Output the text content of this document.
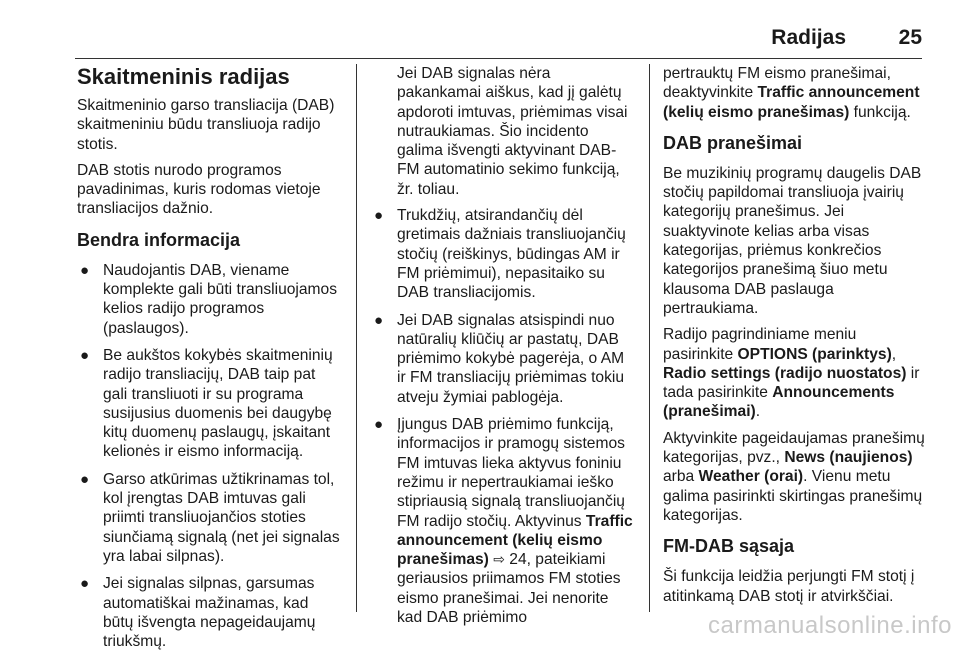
Radijas	25
Skaitmeninis radijas

Skaitmeninio garso transliacija (DAB) skaitmeniniu būdu transliuoja radijo stotis.

DAB stotis nurodo programos pavadinimas, kuris rodomas vietoje transliacijos dažnio.

Bendra informacija
● Naudojantis DAB, viename komplekte gali būti transliuojamos kelios radijo programos (paslaugos).
● Be aukštos kokybės skaitmeninių radijo transliacijų, DAB taip pat gali transliuoti ir su programa susijusius duomenis bei daugybę kitų duomenų paslaugų, įskaitant kelionės ir eismo informaciją.
● Garso atkūrimas užtikrinamas tol, kol įrengtas DAB imtuvas gali priimti transliuojančios stoties siunčiamą signalą (net jei signalas yra labai silpnas).
● Jei signalas silpnas, garsumas automatiškai mažinamas, kad būtų išvengta nepageidaujamų triukšmų.

Jei DAB signalas nėra pakankamai aiškus, kad jį galėtų apdoroti imtuvas, priėmimas visai nutraukiamas. Šio incidento galima išvengti aktyvinant DAB-FM automatinio sekimo funkciją, žr. toliau.

● Trukdžių, atsirandančių dėl gretimais dažniais transliuojančių stočių (reiškinys, būdingas AM ir FM priėmimui), nepasitaiko su DAB transliacijomis.
● Jei DAB signalas atsispindi nuo natūralių kliūčių ar pastatų, DAB priėmimo kokybė pagerėja, o AM ir FM transliacijų priėmimas tokiu atveju žymiai pablogėja.
● Įjungus DAB priėmimo funkciją, informacijos ir pramogų sistemos FM imtuvas lieka aktyvus foniniu režimu ir nepertraukiamai ieško stipriausią signalą transliuojančių FM radijo stočių. Aktyvinus Traffic announcement (kelių eismo pranešimas) ⇨ 24, pateikiami geriausios priimamos FM stoties eismo pranešimai. Jei nenorite kad DAB priėmimo

pertrauktų FM eismo pranešimai, deaktyvinkite Traffic announcement (kelių eismo pranešimas) funkciją.

DAB pranešimai

Be muzikinių programų daugelis DAB stočių papildomai transliuoja įvairių kategorijų pranešimus. Jei suaktyvinote kelias arba visas kategorijas, priėmus konkrečios kategorijos pranešimą šiuo metu klausoma DAB paslauga pertraukiama.

Radijo pagrindiniame meniu pasirinkite OPTIONS (parinktys), Radio settings (radijo nuostatos) ir tada pasirinkite Announcements (pranešimai).

Aktyvinkite pageidaujamas pranešimų kategorijas, pvz., News (naujienos) arba Weather (orai). Vienu metu galima pasirinkti skirtingas pranešimų kategorijas.

FM-DAB sąsaja

Ši funkcija leidžia perjungti FM stotį į atitinkamą DAB stotį ir atvirkščiai.

carmanualsonline.info
